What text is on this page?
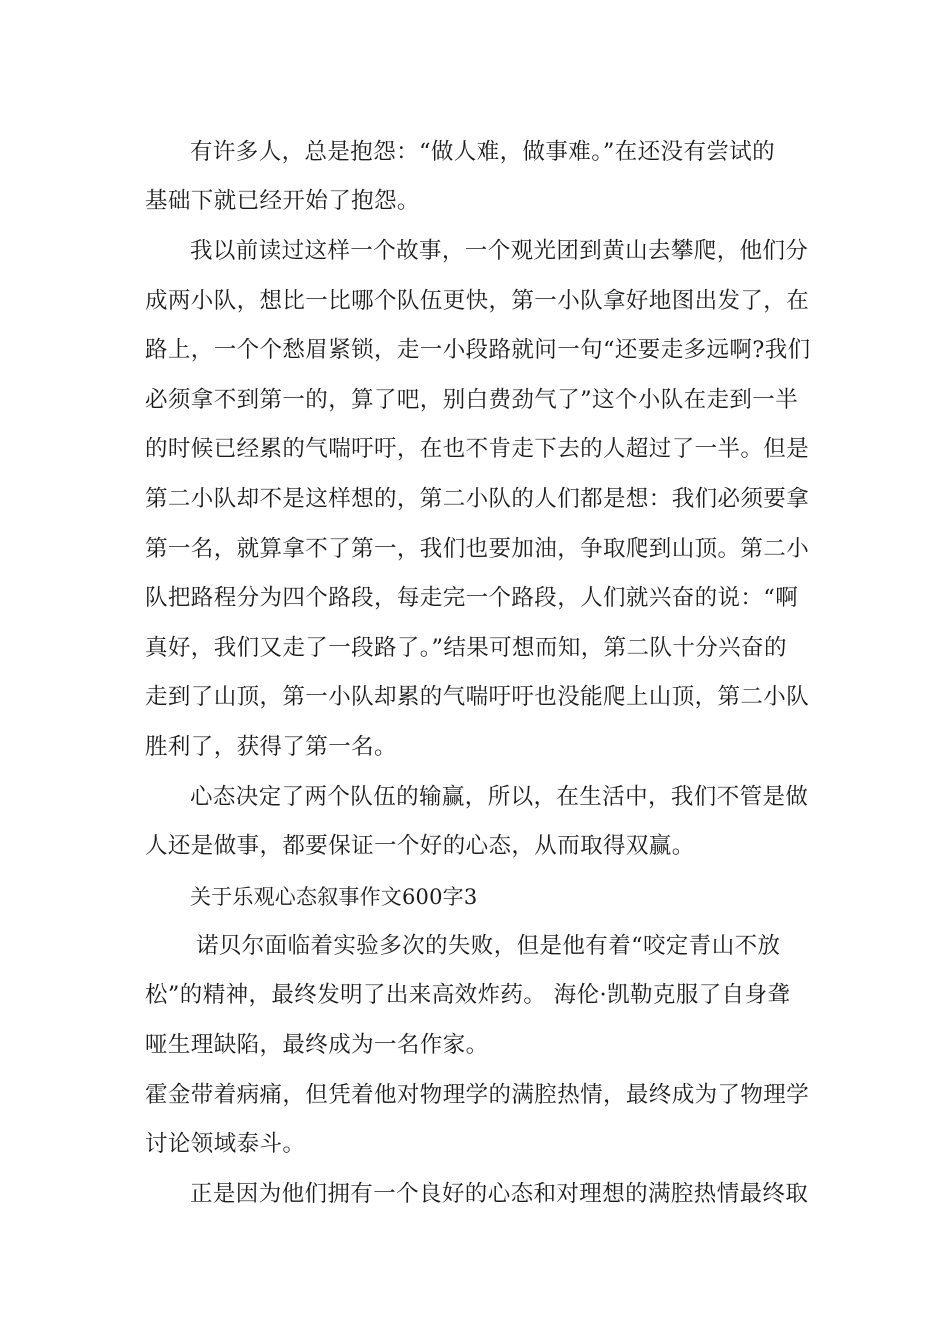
有许多人，总是抱怨：“做人难，做事难。”在还没有尝试的

基础下就已经开始了抱怨。

我以前读过这样一个故事，一个观光团到黄山去攀爬，他们分

成两小队，想比一比哪个队伍更快，第一小队拿好地图出发了，在

路上，一个个愁眉紧锁，走一小段路就问一句“还要走多远啊?我们

必须拿不到第一的，算了吧，别白费劲气了”这个小队在走到一半

的时候已经累的气喘吁吁，在也不肯走下去的人超过了一半。但是

第二小队却不是这样想的，第二小队的人们都是想：我们必须要拿

第一名，就算拿不了第一，我们也要加油，争取爬到山顶。第二小

队把路程分为四个路段，每走完一个路段，人们就兴奋的说：“啊

真好，我们又走了一段路了。”结果可想而知，第二队十分兴奋的

走到了山顶，第一小队却累的气喘吁吁也没能爬上山顶，第二小队

胜利了，获得了第一名。

心态决定了两个队伍的输赢，所以，在生活中，我们不管是做

人还是做事，都要保证一个好的心态，从而取得双赢。

关于乐观心态叙事作文600字3

诺贝尔面临着实验多次的失败，但是他有着“咬定青山不放

松”的精神，最终发明了出来高效炸药。 海伦·凯勒克服了自身聋

哑生理缺陷，最终成为一名作家。

霍金带着病痛，但凭着他对物理学的满腔热情，最终成为了物理学

讨论领域泰斗。

正是因为他们拥有一个良好的心态和对理想的满腔热情最终取
